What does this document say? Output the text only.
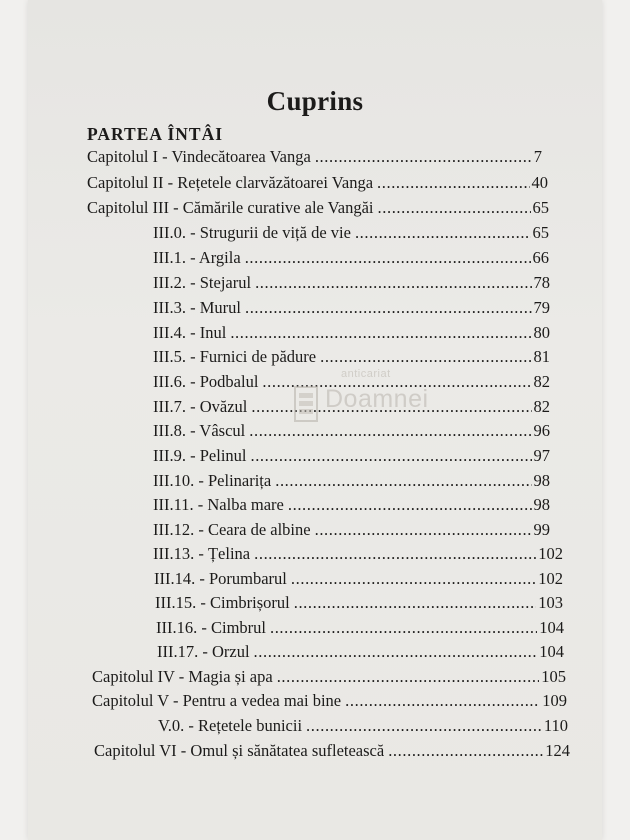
Cuprins
PARTEA ÎNTÂI
Capitolul I - Vindecătoarea Vanga .....	7
Capitolul II - Rețetele clarvăzătoarei Vanga .....	40
Capitolul III - Cămările curative ale Vangăi .....	65
III.0. - Strugurii de viță de vie .....	65
III.1. - Argila .....	66
III.2. - Stejarul .....	78
III.3. - Murul .....	79
III.4. - Inul .....	80
III.5. - Furnici de pădure .....	81
III.6. - Podbalul .....	82
III.7. - Ovăzul .....	82
III.8. - Vâscul .....	96
III.9. - Pelinul .....	97
III.10. - Pelinarița .....	98
III.11. - Nalba mare .....	98
III.12. - Ceara de albine .....	99
III.13. - Țelina .....	102
III.14. - Porumbarul .....	102
III.15. - Cimbrișorul .....	103
III.16. - Cimbrul .....	104
III.17. - Orzul .....	104
Capitolul IV - Magia și apa .....	105
Capitolul V - Pentru a vedea mai bine .....	109
V.0. - Rețetele bunicii .....	110
Capitolul VI - Omul și sănătatea sufletească .....	124
anticariat
Doamnei
